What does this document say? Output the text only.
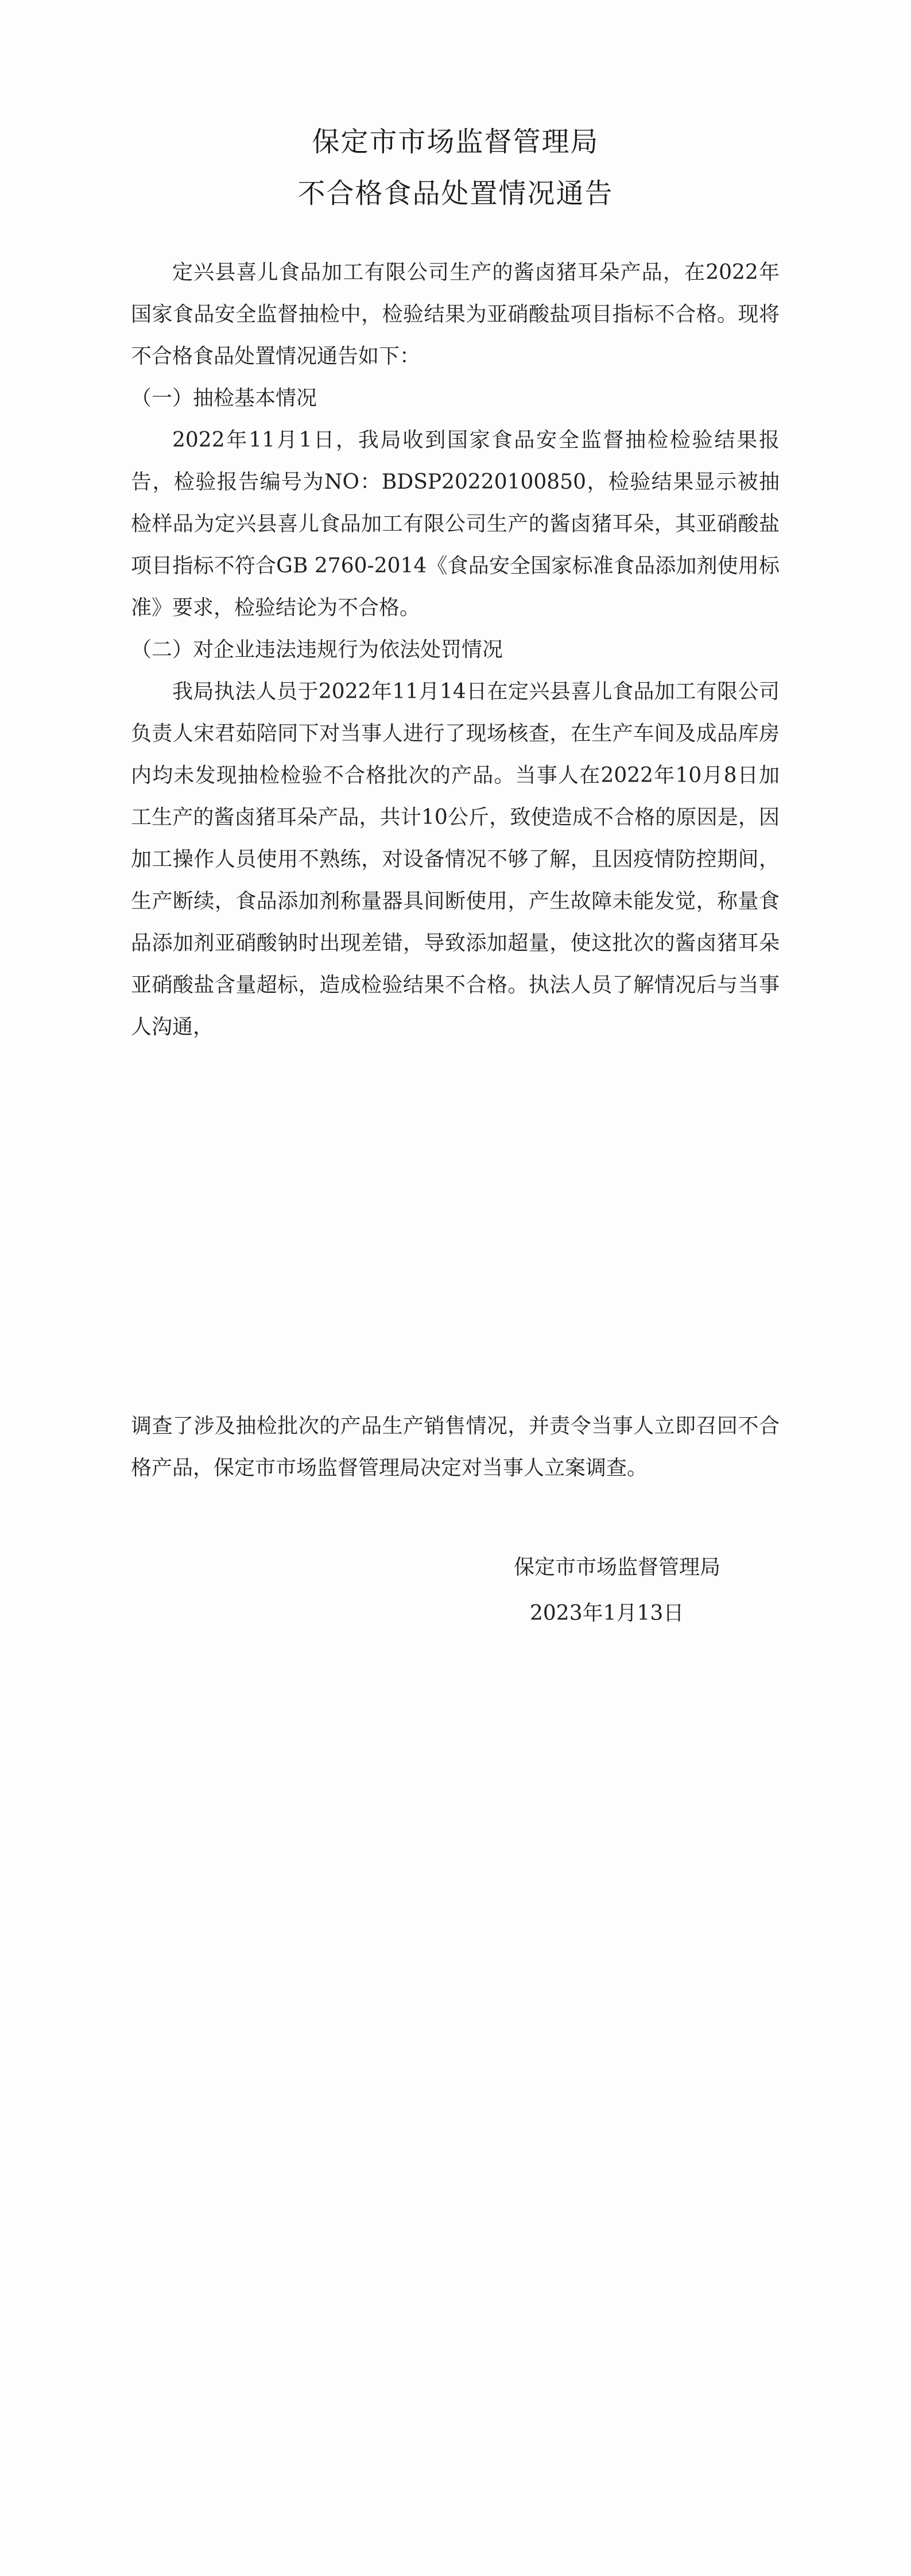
保定市市场监督管理局
不合格食品处置情况通告
定兴县喜儿食品加工有限公司生产的酱卤猪耳朵产品，在2022年国家食品安全监督抽检中，检验结果为亚硝酸盐项目指标不合格。现将不合格食品处置情况通告如下：
（一）抽检基本情况
2022年11月1日，我局收到国家食品安全监督抽检检验结果报告，检验报告编号为NO：BDSP20220100850，检验结果显示被抽检样品为定兴县喜儿食品加工有限公司生产的酱卤猪耳朵，其亚硝酸盐项目指标不符合GB 2760-2014《食品安全国家标准食品添加剂使用标准》要求，检验结论为不合格。
（二）对企业违法违规行为依法处罚情况
我局执法人员于2022年11月14日在定兴县喜儿食品加工有限公司负责人宋君茹陪同下对当事人进行了现场核查，在生产车间及成品库房内均未发现抽检检验不合格批次的产品。当事人在2022年10月8日加工生产的酱卤猪耳朵产品，共计10公斤，致使造成不合格的原因是，因加工操作人员使用不熟练，对设备情况不够了解，且因疫情防控期间，生产断续，食品添加剂称量器具间断使用，产生故障未能发觉，称量食品添加剂亚硝酸钠时出现差错，导致添加超量，使这批次的酱卤猪耳朵亚硝酸盐含量超标，造成检验结果不合格。执法人员了解情况后与当事人沟通，
调查了涉及抽检批次的产品生产销售情况，并责令当事人立即召回不合格产品，保定市市场监督管理局决定对当事人立案调查。
保定市市场监督管理局
2023年1月13日
